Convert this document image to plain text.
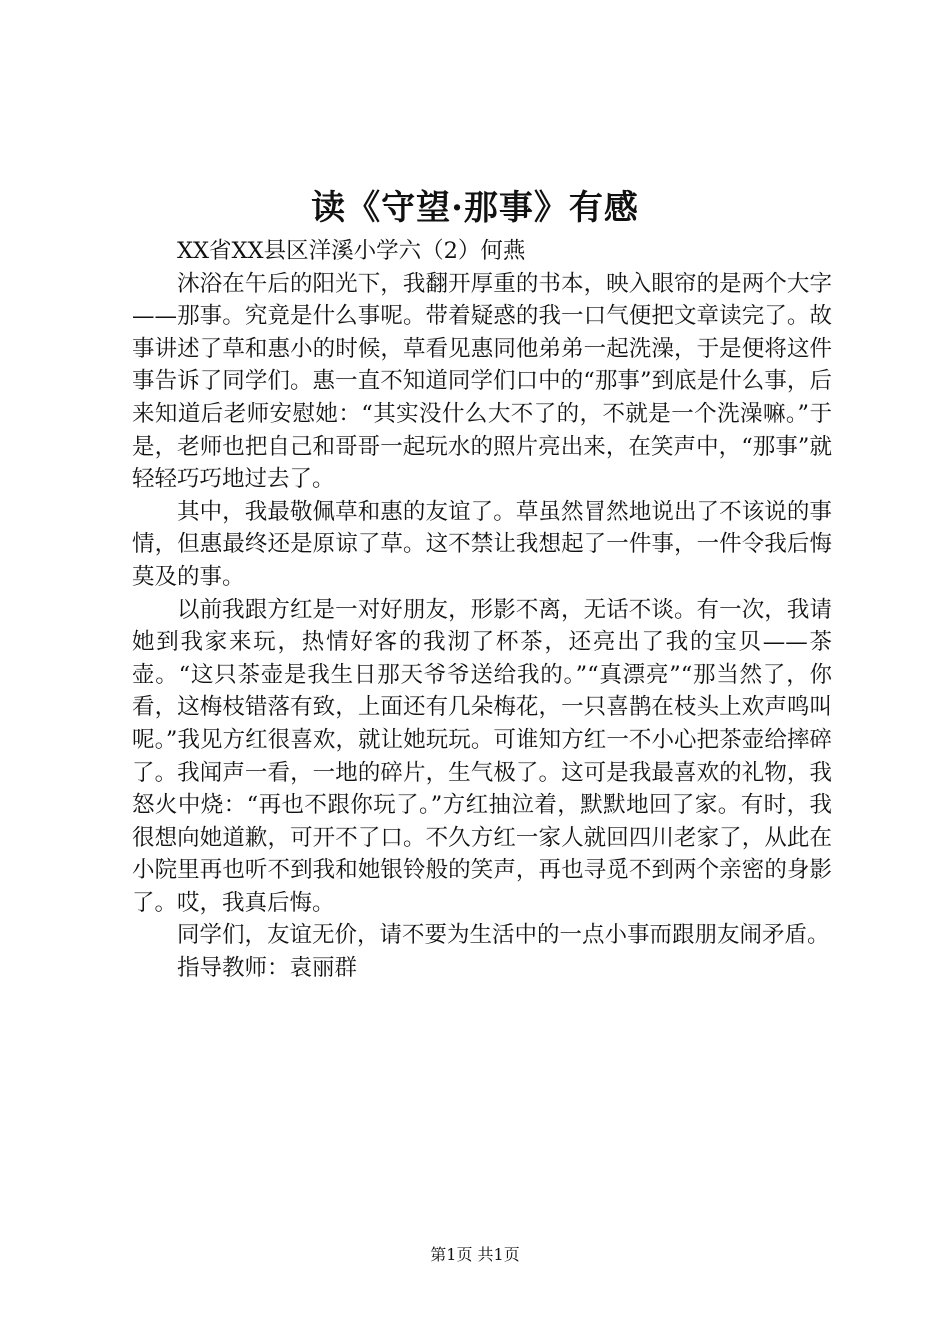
读《守望·那事》有感
XX省XX县区洋溪小学六（2）何燕

沐浴在午后的阳光下，我翻开厚重的书本，映入眼帘的是两个大字——那事。究竟是什么事呢。带着疑惑的我一口气便把文章读完了。故事讲述了草和惠小的时候，草看见惠同他弟弟一起洗澡，于是便将这件事告诉了同学们。惠一直不知道同学们口中的“那事”到底是什么事，后来知道后老师安慰她：“其实没什么大不了的，不就是一个洗澡嘛。”于是，老师也把自己和哥哥一起玩水的照片亮出来，在笑声中，“那事”就轻轻巧巧地过去了。

其中，我最敬佩草和惠的友谊了。草虽然冒然地说出了不该说的事情，但惠最终还是原谅了草。这不禁让我想起了一件事，一件令我后悔莫及的事。

以前我跟方红是一对好朋友，形影不离，无话不谈。有一次，我请她到我家来玩，热情好客的我沏了杯茶，还亮出了我的宝贝——茶壶。“这只茶壶是我生日那天爷爷送给我的。”“真漂亮”“那当然了，你看，这梅枝错落有致，上面还有几朵梅花，一只喜鹊在枝头上欢声鸣叫呢。”我见方红很喜欢，就让她玩玩。可谁知方红一不小心把茶壶给摔碎了。我闻声一看，一地的碎片，生气极了。这可是我最喜欢的礼物，我怒火中烧：“再也不跟你玩了。”方红抽泣着，默默地回了家。有时，我很想向她道歉，可开不了口。不久方红一家人就回四川老家了，从此在小院里再也听不到我和她银铃般的笑声，再也寻觅不到两个亲密的身影了。哎，我真后悔。

同学们，友谊无价，请不要为生活中的一点小事而跟朋友闹矛盾。

指导教师：袁丽群

第1页 共1页
